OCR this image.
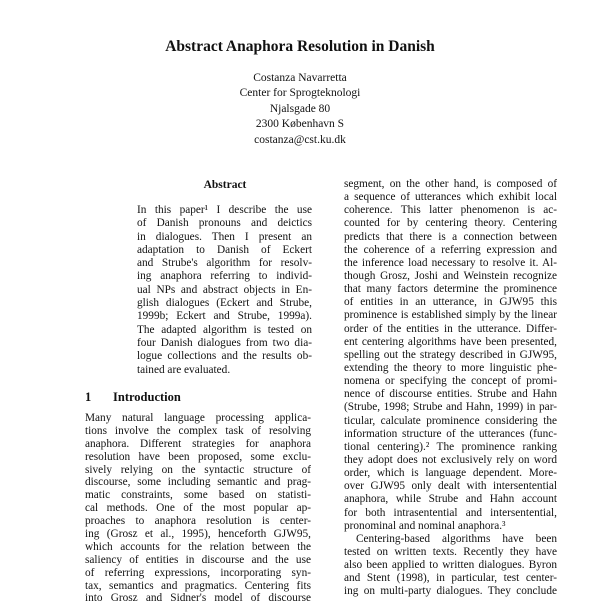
Abstract Anaphora Resolution in Danish
Costanza Navarretta
Center for Sprogteknologi
Njalsgade 80
2300 København S
costanza@cst.ku.dk
Abstract
In this paper¹ I describe the use
of Danish pronouns and deictics
in dialogues. Then I present an
adaptation to Danish of Eckert
and Strube's algorithm for resolv-
ing anaphora referring to individ-
ual NPs and abstract objects in En-
glish dialogues (Eckert and Strube,
1999b; Eckert and Strube, 1999a).
The adapted algorithm is tested on
four Danish dialogues from two dia-
logue collections and the results ob-
tained are evaluated.
1 Introduction
Many natural language processing applica-
tions involve the complex task of resolving
anaphora. Different strategies for anaphora
resolution have been proposed, some exclu-
sively relying on the syntactic structure of
discourse, some including semantic and prag-
matic constraints, some based on statisti-
cal methods. One of the most popular ap-
proaches to anaphora resolution is center-
ing (Grosz et al., 1995), henceforth GJW95,
which accounts for the relation between the
saliency of entities in discourse and the use
of referring expressions, incorporating syn-
tax, semantics and pragmatics. Centering fits
into Grosz and Sidner's model of discourse
segment, on the other hand, is composed of
a sequence of utterances which exhibit local
coherence. This latter phenomenon is ac-
counted for by centering theory. Centering
predicts that there is a connection between
the coherence of a referring expression and
the inference load necessary to resolve it. Al-
though Grosz, Joshi and Weinstein recognize
that many factors determine the prominence
of entities in an utterance, in GJW95 this
prominence is established simply by the linear
order of the entities in the utterance. Differ-
ent centering algorithms have been presented,
spelling out the strategy described in GJW95,
extending the theory to more linguistic phe-
nomena or specifying the concept of promi-
nence of discourse entities. Strube and Hahn
(Strube, 1998; Strube and Hahn, 1999) in par-
ticular, calculate prominence considering the
information structure of the utterances (func-
tional centering).² The prominence ranking
they adopt does not exclusively rely on word
order, which is language dependent. More-
over GJW95 only dealt with intersentential
anaphora, while Strube and Hahn account
for both intrasentential and intersentential,
pronominal and nominal anaphora.³
Centering-based algorithms have been
tested on written texts. Recently they have
also been applied to written dialogues. Byron
and Stent (1998), in particular, test center-
ing on multi-party dialogues. They conclude
